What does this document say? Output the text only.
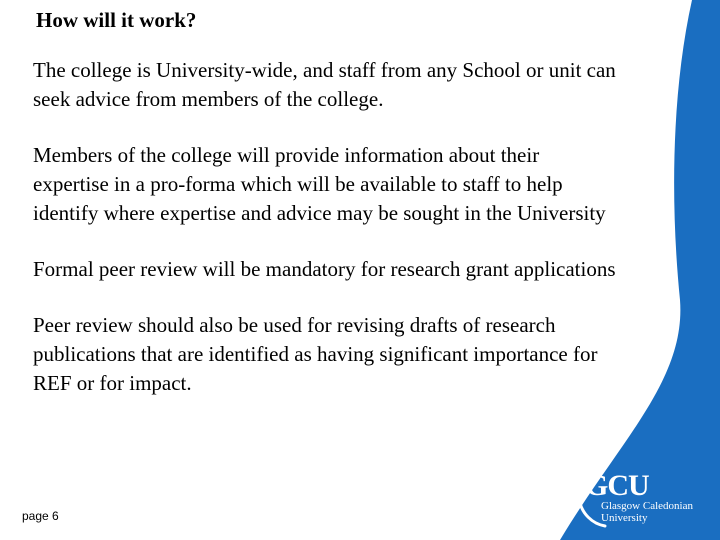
How will it work?

The college is University-wide, and staff from any School or unit can seek advice from members of the college.

Members of the college will provide information about their expertise in a pro-forma which will be available to staff to help identify where expertise and advice may be sought in the University

Formal peer review will be mandatory for research grant applications

Peer review should also be used for revising drafts of research publications that are identified as having significant importance for REF or for impact.

page 6
GCU
Glasgow Caledonian
University
